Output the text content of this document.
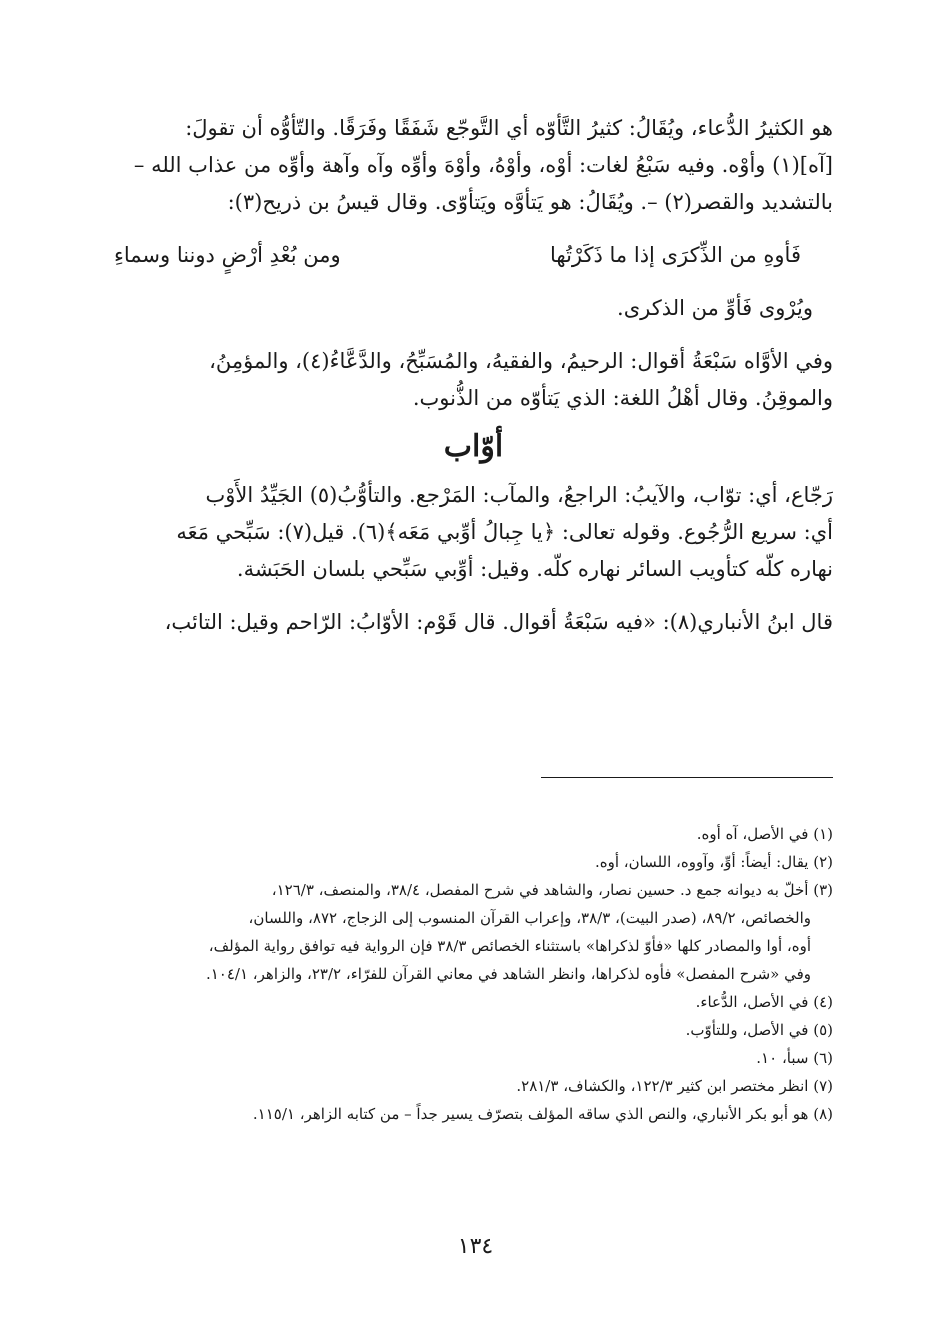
هو الكثيرُ الدُّعاء، ويُقَالُ: كثيرُ التَّأوّه أي التَّوجّع شَفَقًا وفَرَقًا. والتّأوُّه أن تقولَ:
[آه](١) وأوْه. وفيه سَبْعُ لغات: أوْه، وأوْهُ، وأوْهَ وأوِّه وآه وآهة وأوِّه من عذاب الله –
بالتشديد والقصر(٢) –. ويُقَالُ: هو يَتأوَّه ويَتأوّى. وقال قيسُ بن ذريح(٣):

فَأوهِ من الذِّكرَى إذا ما ذَكَرْتُها
ومن بُعْدِ أرْضٍ دوننا وسماءِ

ويُرْوى فَأوِّ من الذكرى.

وفي الأوَّاه سَبْعَةُ أقوال: الرحيمُ، والفقيهُ، والمُسَبِّحُ، والدَّعَّاءُ(٤)، والمؤمِنُ،
والموقِنُ. وقال أهْلُ اللغة: الذي يَتأوّه من الذُّنوب.

أوّاب

رَجّاع، أي: توّاب، والآيبُ: الراجعُ، والمآب: المَرْجع. والتأوُّبُ(٥) الجَيِّدُ الأَوْب
أي: سريع الرُّجُوع. وقوله تعالى: ﴿يا جِبالُ أوِّبي مَعَه﴾(٦). قيل(٧): سَبِّحي مَعَه
نهاره كلّه كتأويب السائر نهاره كلّه. وقيل: أوِّبي سَبِّحي بلسان الحَبَشة.

قال ابنُ الأنباري(٨): «فيه سَبْعَةُ أقوال. قال قَوْم: الأوّابُ: الرّاحم وقيل: التائب،

(١) في الأصل، آه أوه.
(٢) يقال: أيضاً: أوِّ، وآووه، اللسان، أوه.
(٣) أخلّ به ديوانه جمع د. حسين نصار، والشاهد في شرح المفصل، ٣٨/٤، والمنصف، ١٢٦/٣،
والخصائص، ٨٩/٢، (صدر البيت)، ٣٨/٣، وإعراب القرآن المنسوب إلى الزجاج، ٨٧٢، واللسان،
أوه، أوا والمصادر كلها «فأوّ لذكراها» باستثناء الخصائص ٣٨/٣ فإن الرواية فيه توافق رواية المؤلف،
وفي «شرح المفصل» فأوه لذكراها، وانظر الشاهد في معاني القرآن للفرّاء، ٢٣/٢، والزاهر، ١٠٤/١.
(٤) في الأصل، الدُّعاء.
(٥) في الأصل، وللتأوّب.
(٦) سبأ، ١٠.
(٧) انظر مختصر ابن كثير ١٢٢/٣، والكشاف، ٢٨١/٣.
(٨) هو أبو بكر الأنباري، والنص الذي ساقه المؤلف بتصرّف يسير جداً – من كتابه الزاهر، ١١٥/١.
١٣٤
